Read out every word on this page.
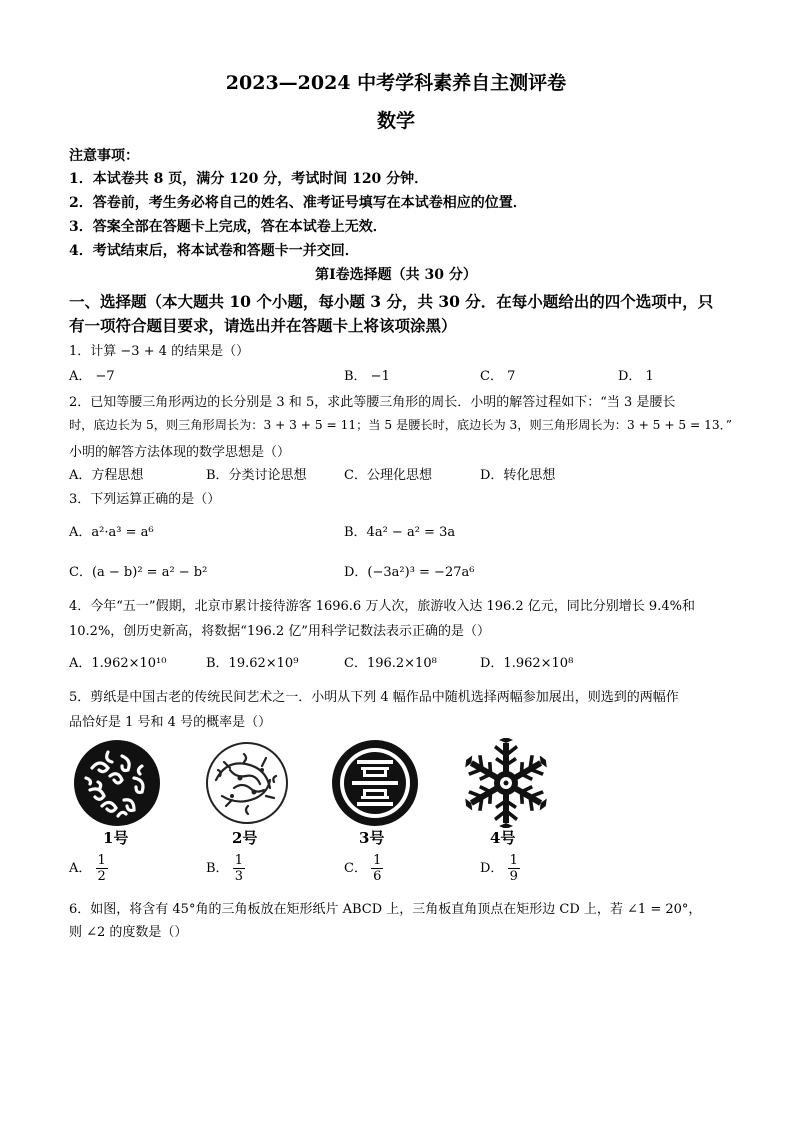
2023—2024 中考学科素养自主测评卷
数学
注意事项：
1．本试卷共 8 页，满分 120 分，考试时间 120 分钟．
2．答卷前，考生务必将自己的姓名、准考证号填写在本试卷相应的位置．
3．答案全部在答题卡上完成，答在本试卷上无效．
4．考试结束后，将本试卷和答题卡一并交回．
第Ⅰ卷选择题（共 30 分）
一、选择题（本大题共 10 个小题，每小题 3 分，共 30 分．在每小题给出的四个选项中，只
有一项符合题目要求，请选出并在答题卡上将该项涂黑）
1．计算 −3 + 4 的结果是（）
A． −7	B． −1	C． 7	D． 1
2．已知等腰三角形两边的长分别是 3 和 5，求此等腰三角形的周长．小明的解答过程如下：“当 3 是腰长
时，底边长为 5，则三角形周长为：3 + 3 + 5 = 11；当 5 是腰长时，底边长为 3，则三角形周长为：3 + 5 + 5 = 13．”
小明的解答方法体现的数学思想是（）
A．方程思想	B．分类讨论思想	C．公理化思想	D．转化思想
3．下列运算正确的是（）
A．a²·a³ = a⁶	B．4a² − a² = 3a
C．(a − b)² = a² − b²	D．(−3a²)³ = −27a⁶
4．今年“五一”假期，北京市累计接待游客 1696.6 万人次，旅游收入达 196.2 亿元，同比分别增长 9.4%和
10.2%，创历史新高，将数据“196.2 亿”用科学记数法表示正确的是（）
A．1.962×10¹⁰	B．19.62×10⁹	C．196.2×10⁸	D．1.962×10⁸
5．剪纸是中国古老的传统民间艺术之一．小明从下列 4 幅作品中随机选择两幅参加展出，则选到的两幅作
品恰好是 1 号和 4 号的概率是（）
1号	2号	3号	4号
A． $\frac{1}{2}$	B． $\frac{1}{3}$	C． $\frac{1}{6}$	D． $\frac{1}{9}$
6．如图，将含有 45°角的三角板放在矩形纸片 ABCD 上，三角板直角顶点在矩形边 CD 上，若 ∠1 = 20°，
则 ∠2 的度数是（）
